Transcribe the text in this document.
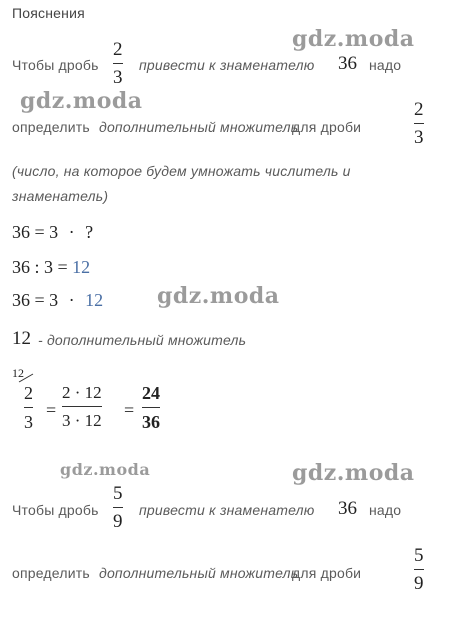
Пояснения
gdz.moda
gdz.moda
gdz.moda
gdz.moda	gdz.moda
Чтобы дробь
2
3
привести к знаменателю 36 надо
определить дополнительный множитель
для дроби
2
3
(число, на которое будем умножать числитель и
знаменатель)
36 = 3 · ?
36 : 3 = 12
36 = 3 · 12
12 - дополнительный множитель
12
2
3
=
2 · 12
3 · 12
=
24
36
Чтобы дробь
5
9
привести к знаменателю 36 надо
определить дополнительный множитель
для дроби
5
9
